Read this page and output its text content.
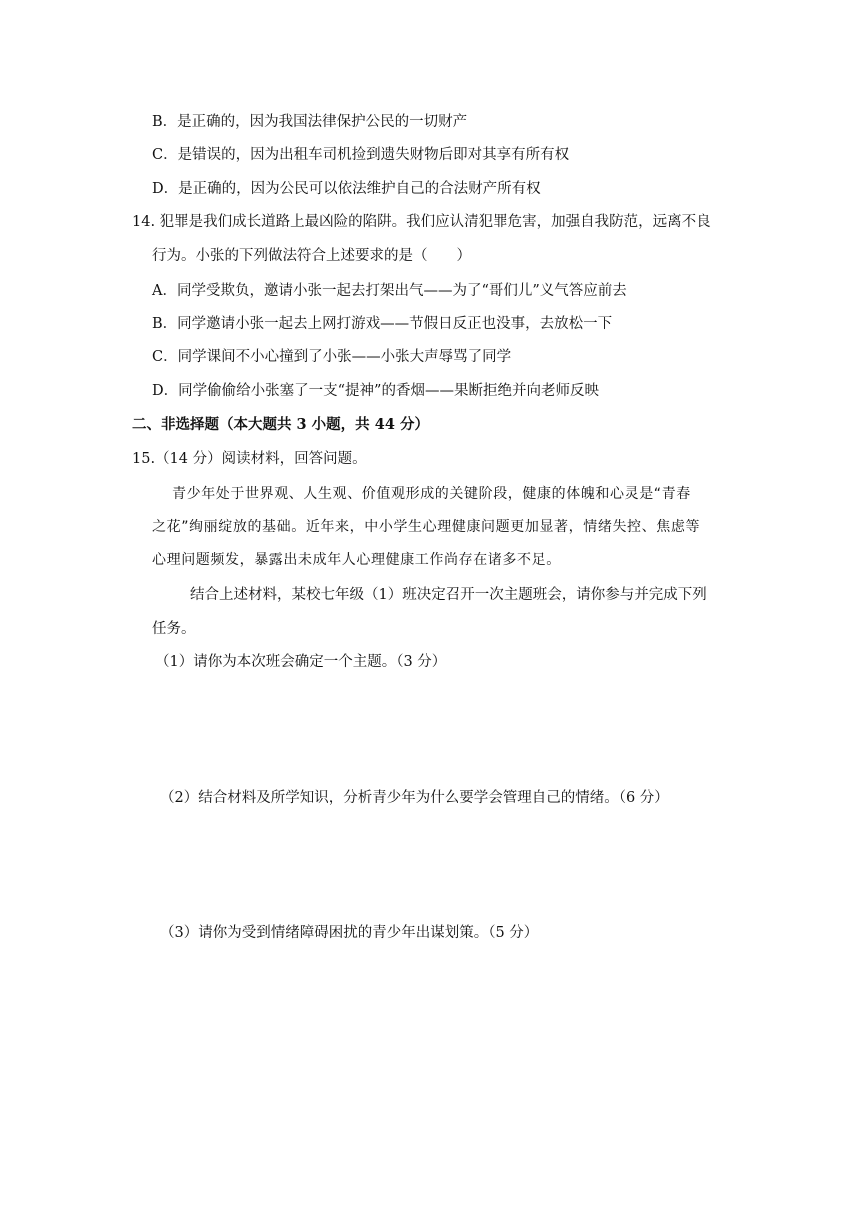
B．是正确的，因为我国法律保护公民的一切财产
C．是错误的，因为出租车司机捡到遗失财物后即对其享有所有权
D．是正确的，因为公民可以依法维护自己的合法财产所有权
14. 犯罪是我们成长道路上最凶险的陷阱。我们应认清犯罪危害，加强自我防范，远离不良
行为。小张的下列做法符合上述要求的是（　　）
A．同学受欺负，邀请小张一起去打架出气——为了“哥们儿”义气答应前去
B．同学邀请小张一起去上网打游戏——节假日反正也没事，去放松一下
C．同学课间不小心撞到了小张——小张大声辱骂了同学
D．同学偷偷给小张塞了一支“提神”的香烟——果断拒绝并向老师反映
二、非选择题（本大题共 3 小题，共 44 分）
15.（14 分）阅读材料，回答问题。
青少年处于世界观、人生观、价值观形成的关键阶段，健康的体魄和心灵是“青春
之花”绚丽绽放的基础。近年来，中小学生心理健康问题更加显著，情绪失控、焦虑等
心理问题频发，暴露出未成年人心理健康工作尚存在诸多不足。
结合上述材料，某校七年级（1）班决定召开一次主题班会，请你参与并完成下列
任务。
（1）请你为本次班会确定一个主题。（3 分）
（2）结合材料及所学知识，分析青少年为什么要学会管理自己的情绪。（6 分）
（3）请你为受到情绪障碍困扰的青少年出谋划策。（5 分）
